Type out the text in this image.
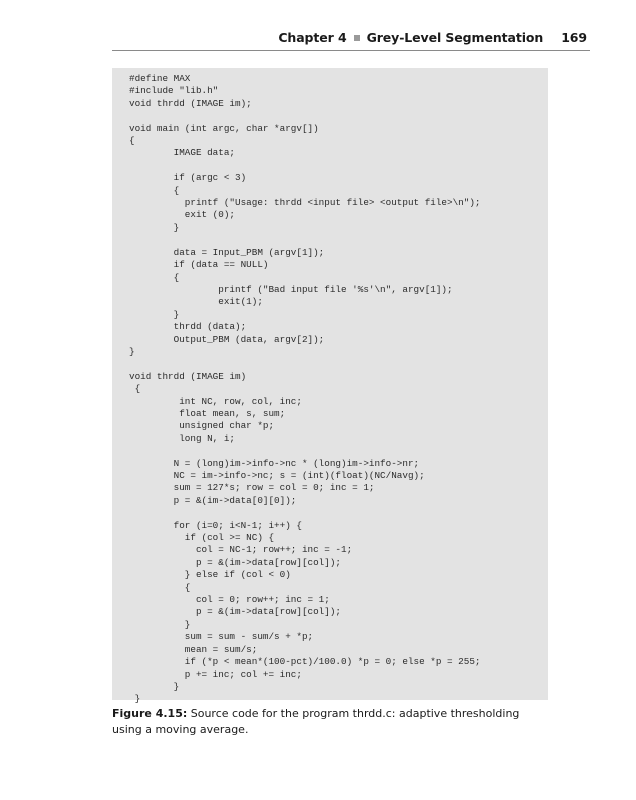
Chapter 4 Grey-Level Segmentation 169
#define MAX
#include "lib.h"
void thrdd (IMAGE im);

void main (int argc, char *argv[])
{
IMAGE data;

if (argc < 3)
{
printf ("Usage: thrdd <input file> <output file>\n");
exit (0);
}

data = Input_PBM (argv[1]);
if (data == NULL)
{
printf ("Bad input file '%s'\n", argv[1]);
exit(1);
}
thrdd (data);
Output_PBM (data, argv[2]);
}

void thrdd (IMAGE im)
{
int NC, row, col, inc;
float mean, s, sum;
unsigned char *p;
long N, i;

N = (long)im->info->nc * (long)im->info->nr;
NC = im->info->nc; s = (int)(float)(NC/Navg);
sum = 127*s; row = col = 0; inc = 1;
p = &(im->data[0][0]);

for (i=0; i<N-1; i++) {
if (col >= NC) {
col = NC-1; row++; inc = -1;
p = &(im->data[row][col]);
} else if (col < 0)
{
col = 0; row++; inc = 1;
p = &(im->data[row][col]);
}
sum = sum - sum/s + *p;
mean = sum/s;
if (*p < mean*(100-pct)/100.0) *p = 0; else *p = 255;
p += inc; col += inc;
}
}
Figure 4.15: Source code for the program thrdd.c: adaptive thresholding using a moving average.
